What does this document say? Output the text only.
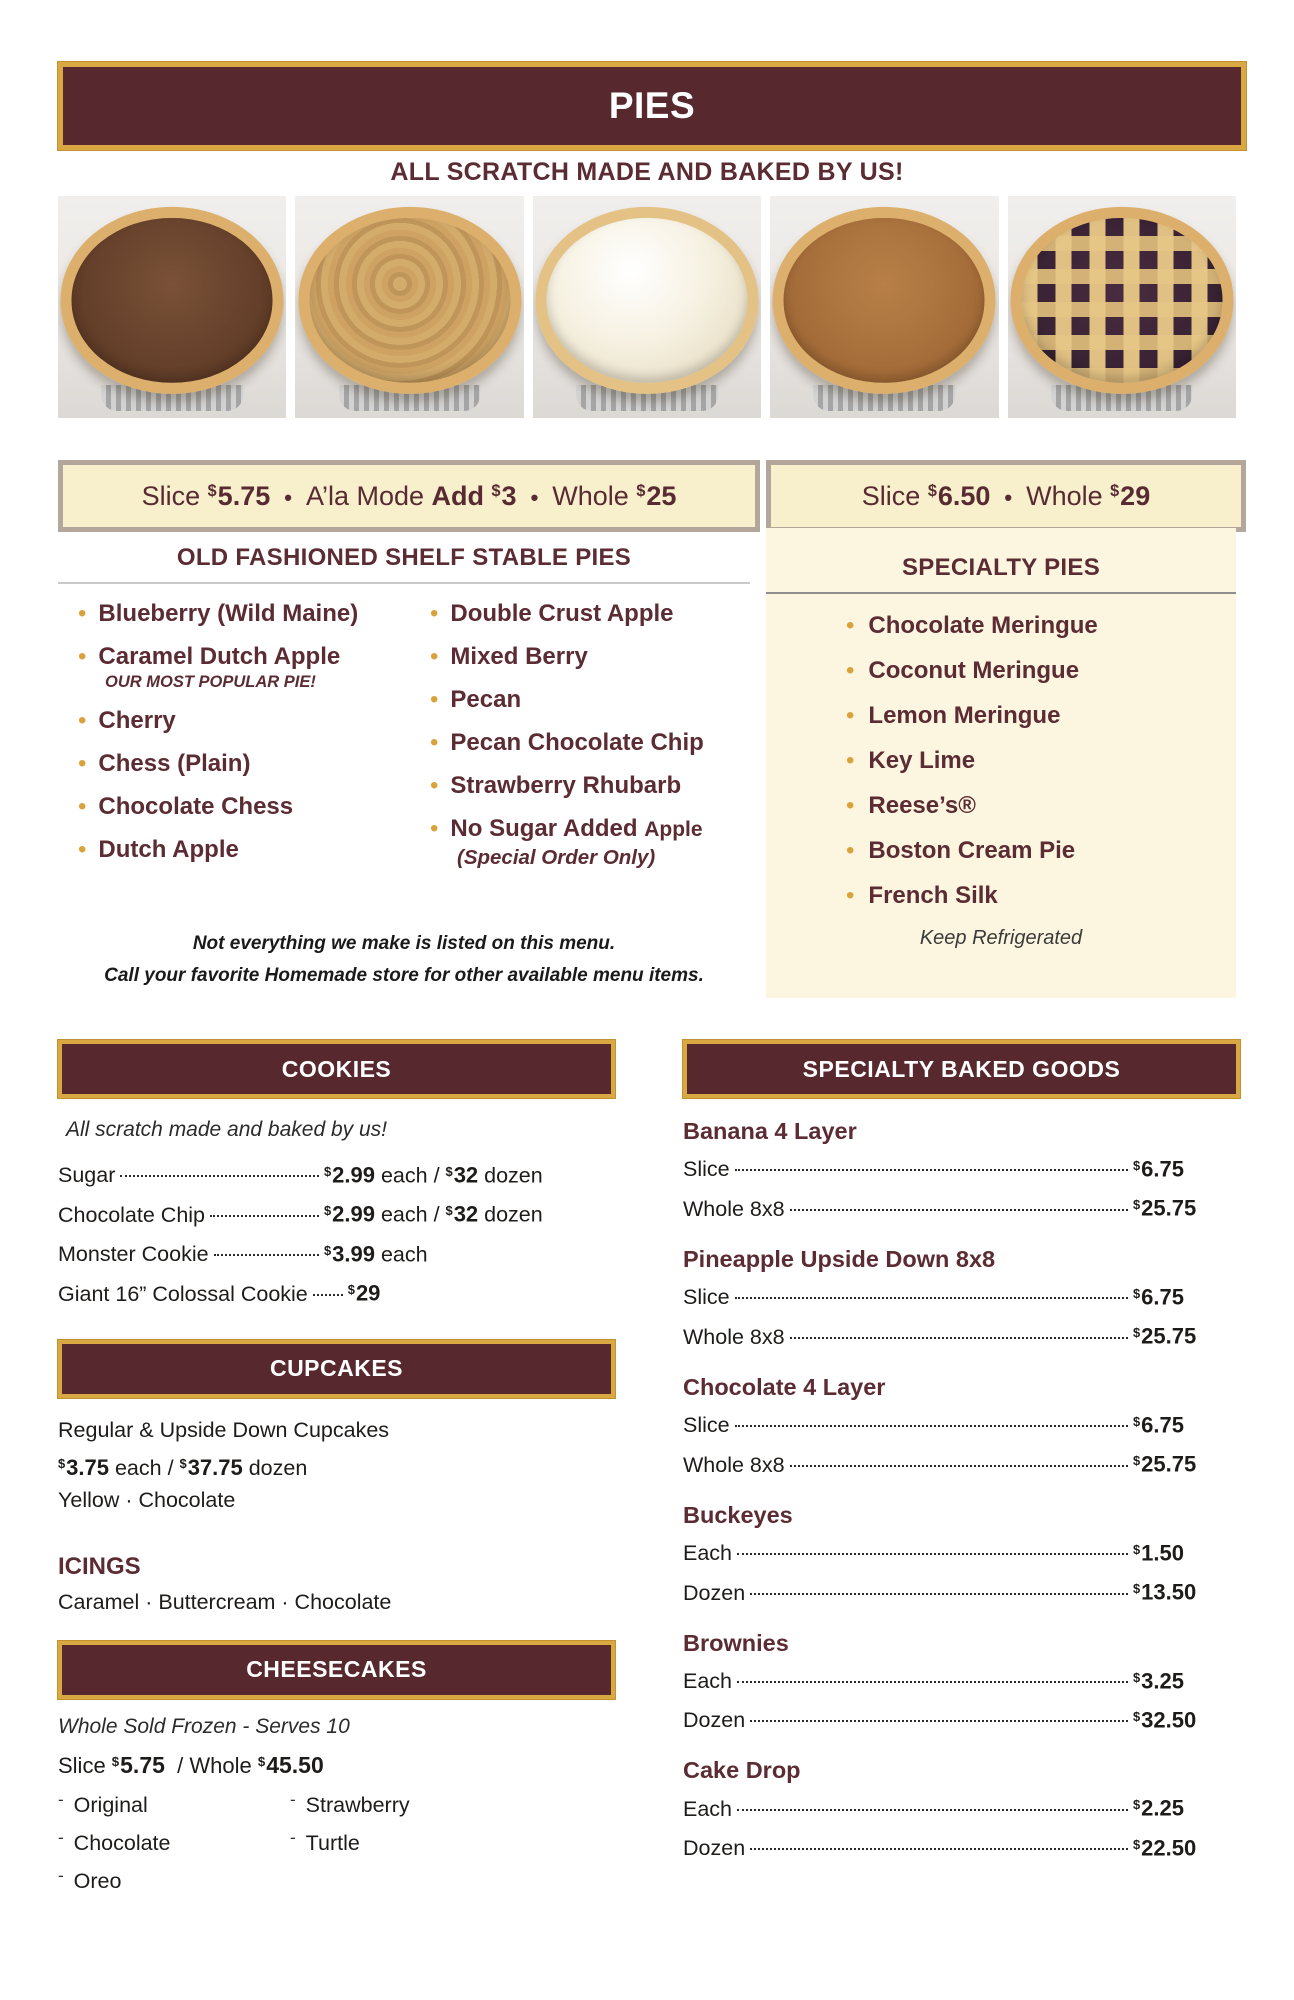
PIES
ALL SCRATCH MADE AND BAKED BY US!
Slice $5.75 • A’la Mode Add $3 • Whole $25	Slice $6.50 • Whole $29
OLD FASHIONED SHELF STABLE PIES
• Blueberry (Wild Maine)
• Caramel Dutch Apple
OUR MOST POPULAR PIE!
• Cherry
• Chess (Plain)
• Chocolate Chess
• Dutch Apple
• Double Crust Apple
• Mixed Berry
• Pecan
• Pecan Chocolate Chip
• Strawberry Rhubarb
• No Sugar Added Apple
(Special Order Only)
Not everything we make is listed on this menu.
Call your favorite Homemade store for other available menu items.
SPECIALTY PIES
• Chocolate Meringue
• Coconut Meringue
• Lemon Meringue
• Key Lime
• Reese’s®
• Boston Cream Pie
• French Silk
Keep Refrigerated
COOKIES
All scratch made and baked by us!
Sugar	$2.99 each / $32 dozen
Chocolate Chip	$2.99 each / $32 dozen
Monster Cookie	$3.99 each
Giant 16” Colossal Cookie	$29
CUPCAKES
Regular & Upside Down Cupcakes
$3.75 each / $37.75 dozen
Yellow · Chocolate
ICINGS
Caramel · Buttercream · Chocolate
CHEESECAKES
Whole Sold Frozen - Serves 10
Slice $5.75  / Whole $45.50
- Original
- Chocolate
- Oreo
- Strawberry
- Turtle
SPECIALTY BAKED GOODS
Banana 4 Layer
Slice	$6.75
Whole 8x8	$25.75
Pineapple Upside Down 8x8
Slice	$6.75
Whole 8x8	$25.75
Chocolate 4 Layer
Slice	$6.75
Whole 8x8	$25.75
Buckeyes
Each	$1.50
Dozen	$13.50
Brownies
Each	$3.25
Dozen	$32.50
Cake Drop
Each	$2.25
Dozen	$22.50
